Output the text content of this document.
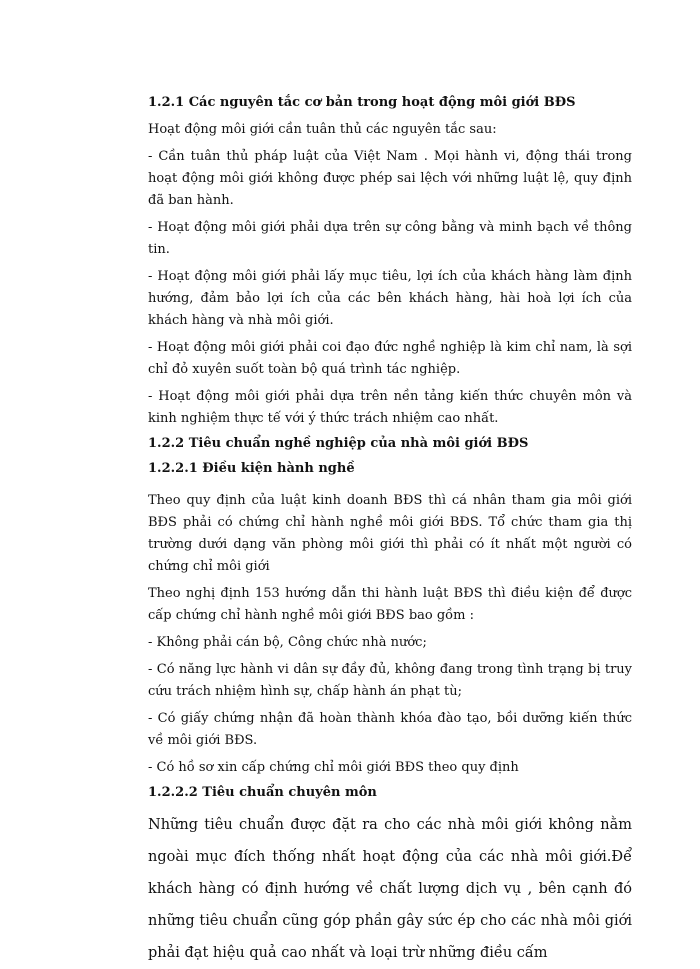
1.2.1 Các nguyên tắc cơ bản trong hoạt động môi giới BĐS

Hoạt động môi giới cần tuân thủ các nguyên tắc sau:

- Cần tuân thủ pháp luật của Việt Nam . Mọi hành vi, động thái trong hoạt động môi giới không được phép sai lệch với những luật lệ, quy định đã ban hành.

- Hoạt động môi giới phải dựa trên sự công bằng và minh bạch về thông tin.

- Hoạt động môi giới phải lấy mục tiêu, lợi ích của khách hàng làm định hướng, đảm bảo lợi ích của các bên khách hàng, hài hoà lợi ích của khách hàng và nhà môi giới.

- Hoạt động môi giới phải coi đạo đức nghề nghiệp là kim chỉ nam, là sợi chỉ đỏ xuyên suốt toàn bộ quá trình tác nghiệp.

- Hoạt động môi giới phải dựa trên nền tảng kiến thức chuyên môn và kinh nghiệm thực tế với ý thức trách nhiệm cao nhất.

1.2.2 Tiêu chuẩn nghề nghiệp của nhà môi giới BĐS
1.2.2.1 Điều kiện hành nghề

Theo quy định của luật kinh doanh BĐS thì cá nhân tham gia môi giới BĐS phải có chứng chỉ hành nghề môi giới BĐS. Tổ chức tham gia thị trường dưới dạng văn phòng môi giới thì phải có ít nhất một người có chứng chỉ môi giới

Theo nghị định 153 hướng dẫn thi hành luật BĐS thì điều kiện để được cấp chứng chỉ hành nghề môi giới BĐS bao gồm :

- Không phải cán bộ, Công chức nhà nước;

- Có năng lực hành vi dân sự đầy đủ, không đang trong tình trạng bị truy cứu trách nhiệm hình sự, chấp hành án phạt tù;

- Có giấy chứng nhận đã hoàn thành khóa đào tạo, bồi dưỡng kiến thức về môi giới BĐS.

- Có hồ sơ xin cấp chứng chỉ môi giới BĐS theo quy định

1.2.2.2 Tiêu chuẩn chuyên môn

Những tiêu chuẩn được đặt ra cho các nhà môi giới không nằm ngoài mục đích thống nhất hoạt động của các nhà môi giới.Để khách hàng có định hướng về chất lượng dịch vụ , bên cạnh đó những tiêu chuẩn cũng góp phần gây sức ép cho các nhà môi giới phải đạt hiệu quả cao nhất và loại trừ những điều cấm
